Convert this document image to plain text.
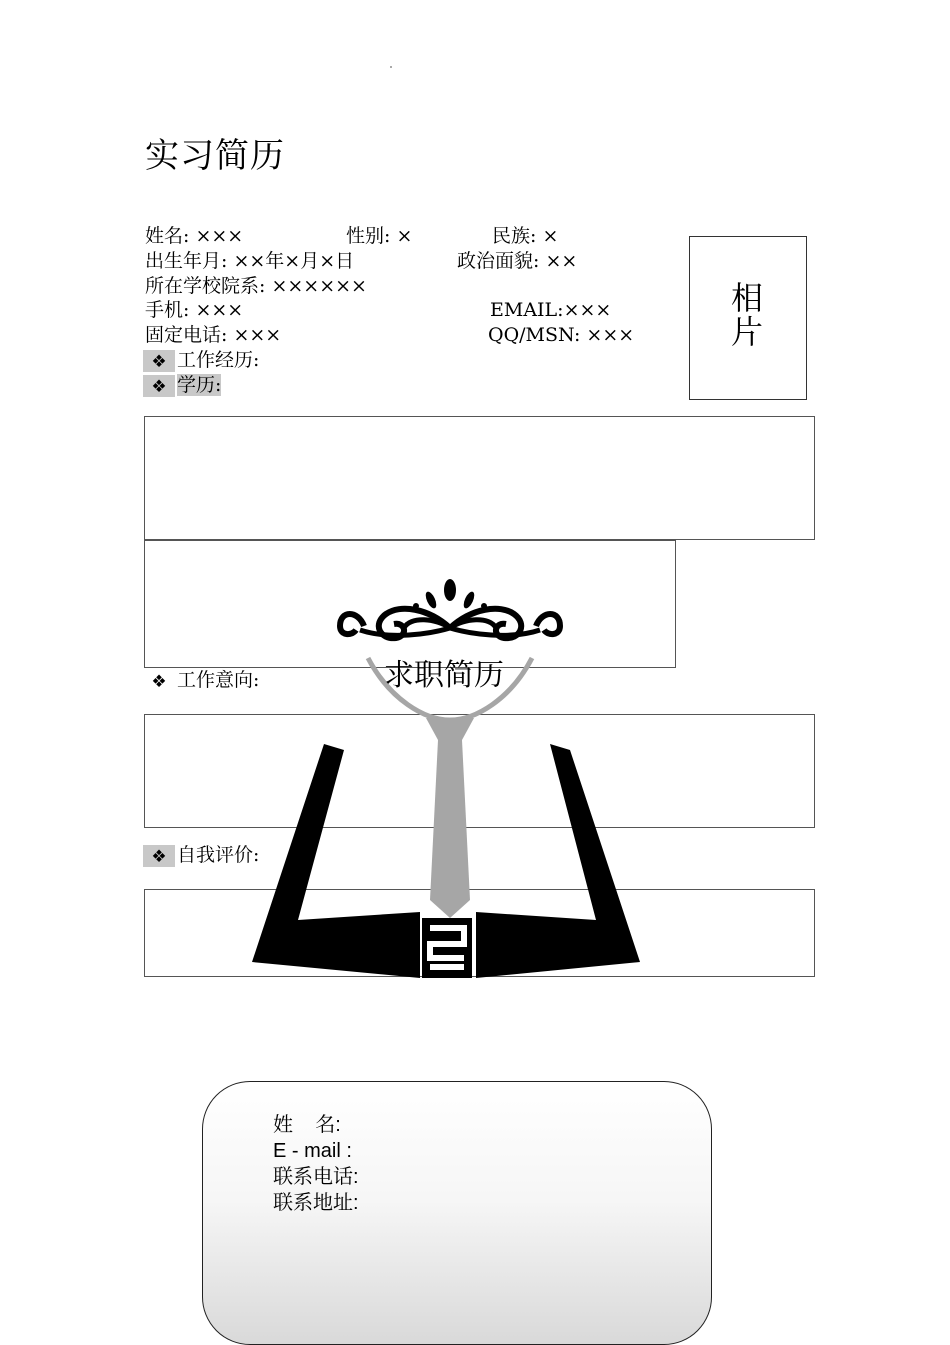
实习简历
姓名: ×××	性别: ×	民族: ×
出生年月: ××年×月×日	政治面貌: ××
所在学校院系: ××××××
手机: ×××	EMAIL:×××
固定电话: ×××	QQ/MSN: ×××
相片
❖ 工作经历:
❖ 学历:
❖ 工作意向:
❖ 自我评价:
求职简历
姓    名:
E - mail :
联系电话:
联系地址:
